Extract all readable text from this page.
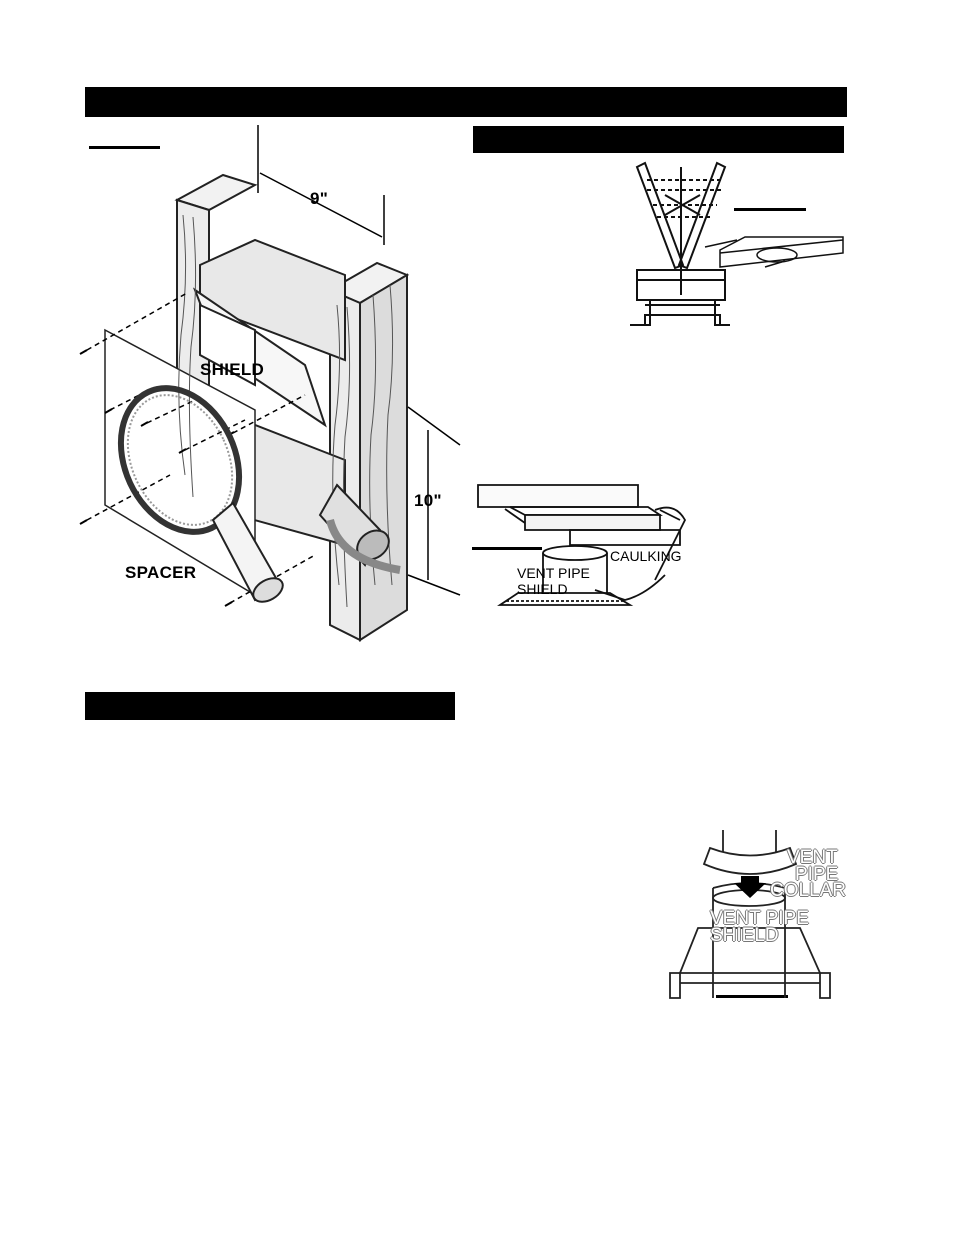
9"
10"
SHIELD
SPACER	VENT PIPE SHIELD
CAULKING
VENT
PIPE
COLLAR
VENT PIPE
SHIELD
